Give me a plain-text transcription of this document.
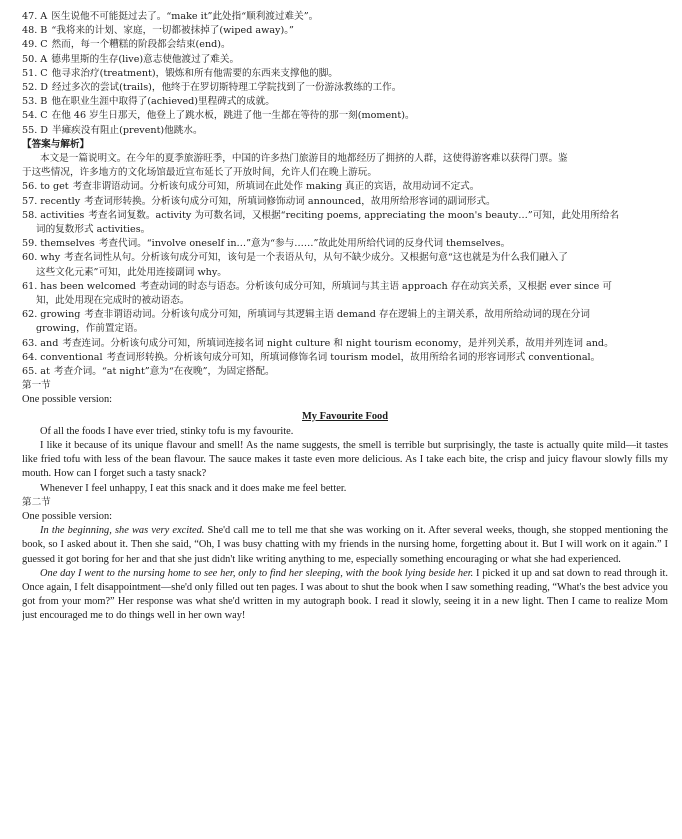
47. A 医生说他不可能挺过去了。“make it”此处指“顺利渡过难关”。
48. B “我将来的计划、家庭，一切都被抹掉了(wiped away)。”
49. C 然而，每一个糟糕的阶段都会结束(end)。
50. A 德弗里斯的生存(live)意志使他渡过了难关。
51. C 他寻求治疗(treatment)，锻炼和所有他需要的东西来支撑他的脚。
52. D 经过多次的尝试(trails)，他终于在罗切斯特理工学院找到了一份游泳教练的工作。
53. B 他在职业生涯中取得了(achieved)里程碑式的成就。
54. C 在他 46 岁生日那天，他登上了跳水板，跳进了他一生都在等待的那一刻(moment)。
55. D 半瘫疾没有阻止(prevent)他跳水。
【答案与解析】
本文是一篇说明文。在今年的夏季旅游旺季，中国的许多热门旅游目的地都经历了拥挤的人群，这使得游客难以获得门票。鉴
于这些情况，许多地方的文化场馆最近宣布延长了开放时间，允许人们在晚上游玩。
56. to get 考查非谓语动词。分析该句成分可知，所填词在此处作 making 真正的宾语，故用动词不定式。
57. recently 考查词形转换。分析该句成分可知，所填词修饰动词 announced，故用所给形容词的副词形式。
58. activities 考查名词复数。activity 为可数名词，又根据“reciting poems, appreciating the moon's beauty…”可知，此处用所给名
词的复数形式 activities。
59. themselves 考查代词。“involve oneself in…”意为“参与……”故此处用所给代词的反身代词 themselves。
60. why 考查名词性从句。分析该句成分可知，该句是一个表语从句，从句不缺少成分。又根据句意“这也就是为什么我们融入了
这些文化元素”可知，此处用连接副词 why。
61. has been welcomed 考查动词的时态与语态。分析该句成分可知，所填词与其主语 approach 存在动宾关系，又根据 ever since 可
知，此处用现在完成时的被动语态。
62. growing 考查非谓语动词。分析该句成分可知，所填词与其逻辑主语 demand 存在逻辑上的主谓关系，故用所给动词的现在分词
growing，作前置定语。
63. and 考查连词。分析该句成分可知，所填词连接名词 night culture 和 night tourism economy，是并列关系，故用并列连词 and。
64. conventional 考查词形转换。分析该句成分可知，所填词修饰名词 tourism model，故用所给名词的形容词形式 conventional。
65. at 考查介词。“at night”意为“在夜晚”，为固定搭配。
第一节
One possible version:
My Favourite Food
Of all the foods I have ever tried, stinky tofu is my favourite.
I like it because of its unique flavour and smell! As the name suggests, the smell is terrible but surprisingly, the taste is actually quite mild—it tastes like fried tofu with less of the bean flavour. The sauce makes it taste even more delicious. As I take each bite, the crisp and juicy flavour slowly fills my mouth. How can I forget such a tasty snack?
Whenever I feel unhappy, I eat this snack and it does make me feel better.
第二节
One possible version:
In the beginning, she was very excited. She'd call me to tell me that she was working on it. After several weeks, though, she stopped mentioning the book, so I asked about it. Then she said, “Oh, I was busy chatting with my friends in the nursing home, forgetting about it. But I will work on it again.” I guessed it got boring for her and that she just didn't like writing anything to me, especially something encouraging or what she had experienced.
One day I went to the nursing home to see her, only to find her sleeping, with the book lying beside her. I picked it up and sat down to read through it. Once again, I felt disappointment—she'd only filled out ten pages. I was about to shut the book when I saw something reading, “What's the best advice you got from your mom?” Her response was what she'd written in my autograph book. I read it slowly, seeing it in a new light. Then I came to realize Mom just encouraged me to do things well in her own way!
